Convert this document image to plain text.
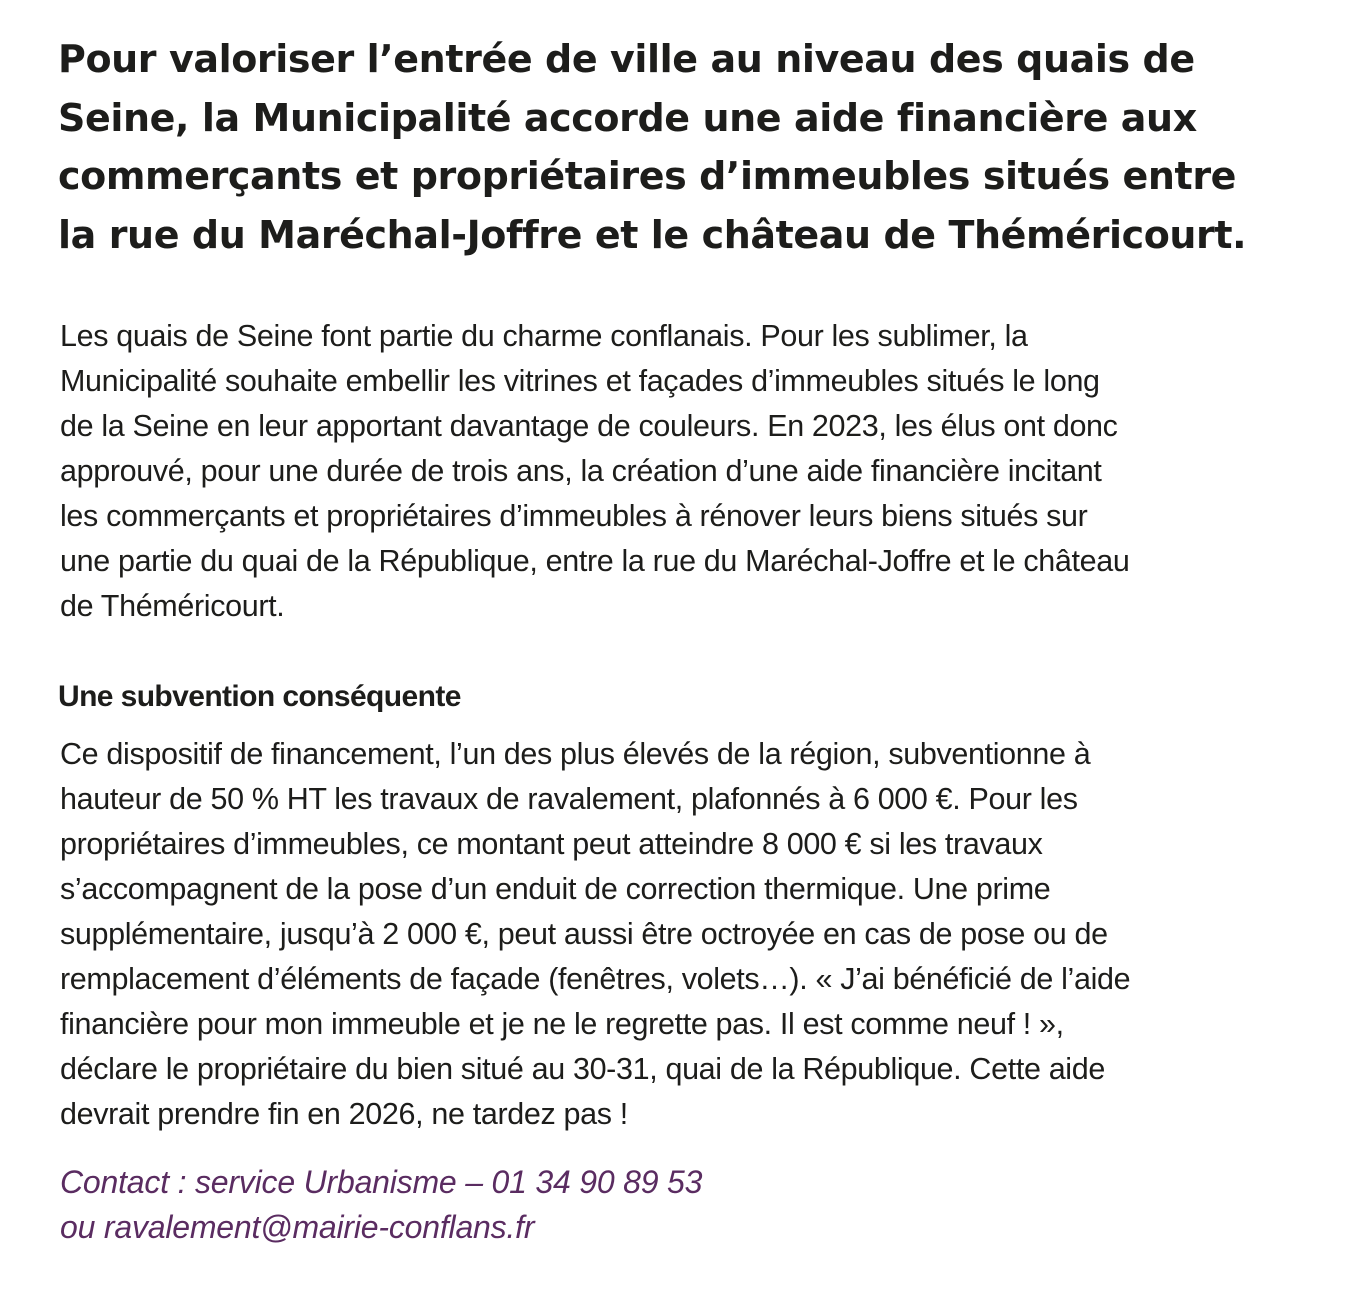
Pour valoriser l’entrée de ville au niveau des quais de
Seine, la Municipalité accorde une aide financière aux
commerçants et propriétaires d’immeubles situés entre
la rue du Maréchal-Joffre et le château de Théméricourt.

Les quais de Seine font partie du charme conflanais. Pour les sublimer, la
Municipalité souhaite embellir les vitrines et façades d’immeubles situés le long
de la Seine en leur apportant davantage de couleurs. En 2023, les élus ont donc
approuvé, pour une durée de trois ans, la création d’une aide financière incitant
les commerçants et propriétaires d’immeubles à rénover leurs biens situés sur
une partie du quai de la République, entre la rue du Maréchal-Joffre et le château
de Théméricourt.

Une subvention conséquente

Ce dispositif de financement, l’un des plus élevés de la région, subventionne à
hauteur de 50 % HT les travaux de ravalement, plafonnés à 6 000 €. Pour les
propriétaires d’immeubles, ce montant peut atteindre 8 000 € si les travaux
s’accompagnent de la pose d’un enduit de correction thermique. Une prime
supplémentaire, jusqu’à 2 000 €, peut aussi être octroyée en cas de pose ou de
remplacement d’éléments de façade (fenêtres, volets…). « J’ai bénéficié de l’aide
financière pour mon immeuble et je ne le regrette pas. Il est comme neuf ! »,
déclare le propriétaire du bien situé au 30-31, quai de la République. Cette aide
devrait prendre fin en 2026, ne tardez pas !

Contact : service Urbanisme – 01 34 90 89 53
ou ravalement@mairie-conflans.fr
